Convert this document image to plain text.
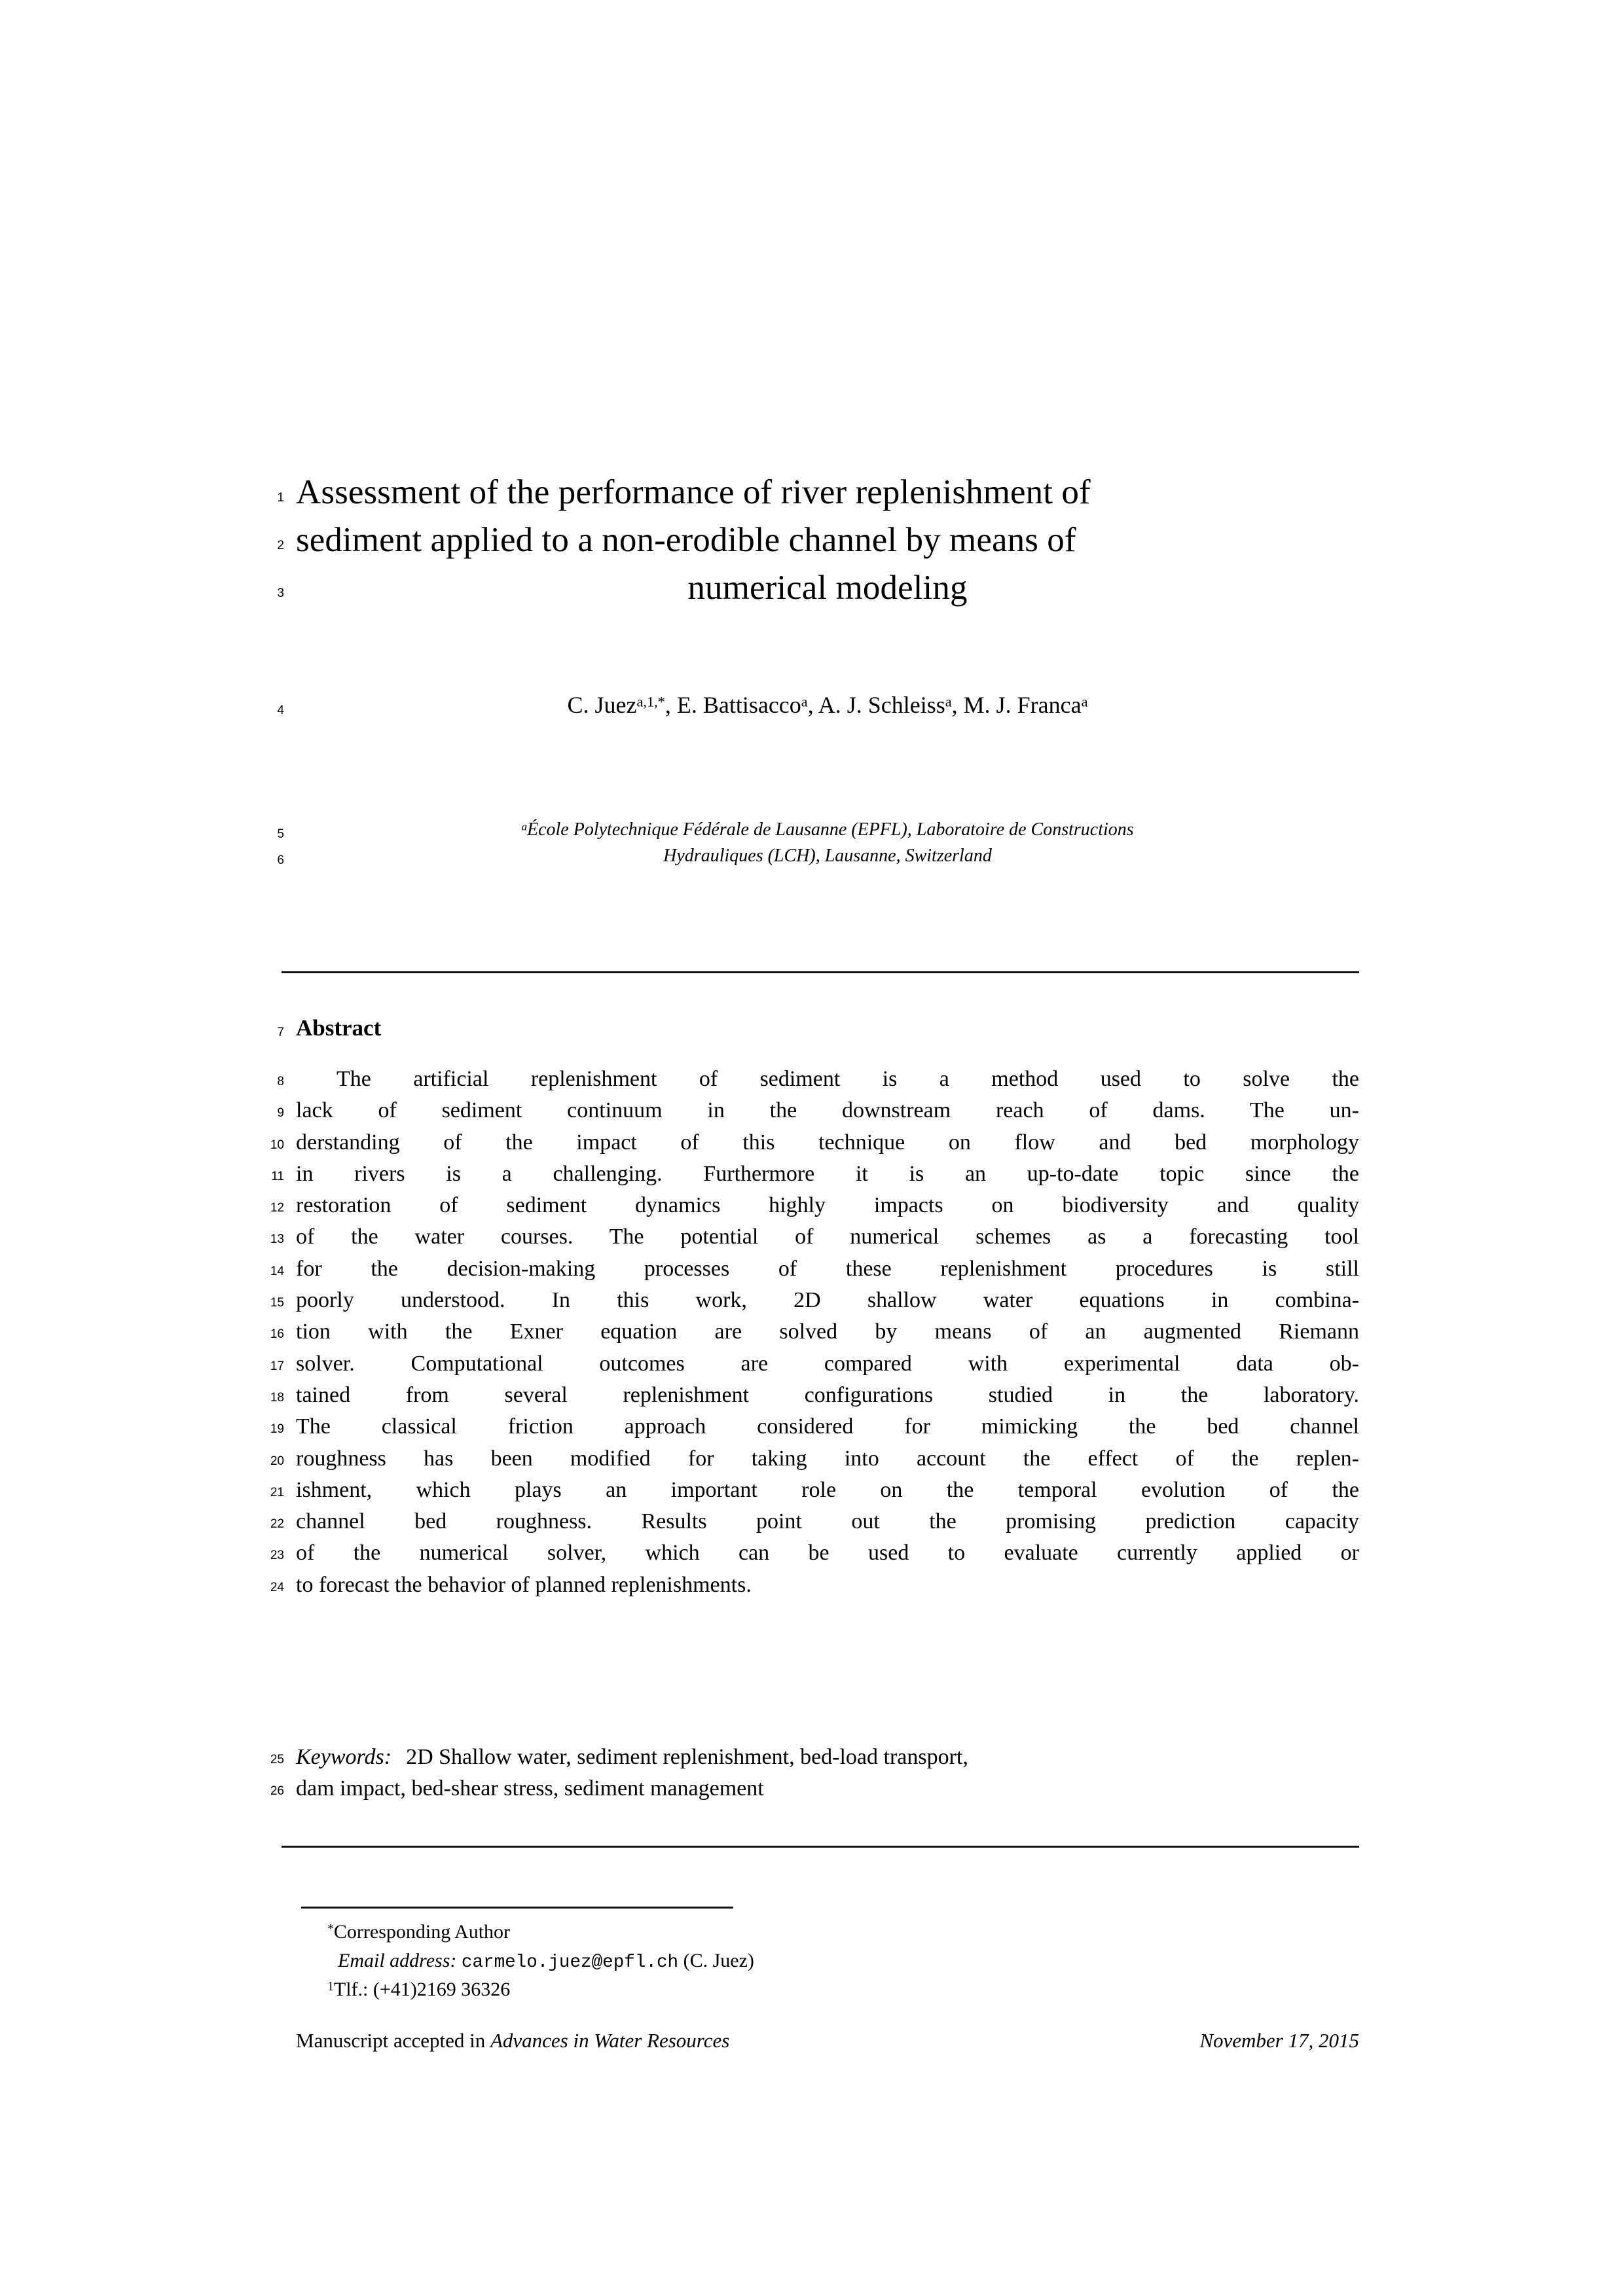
1 Assessment of the performance of river replenishment of
2 sediment applied to a non-erodible channel by means of
3	numerical modeling
4	C. Juez$^{a,1,*}$, E. Battisacco$^a$, A. J. Schleiss$^a$, M. J. Franca$^a$
5
$^a$École Polytechnique Fédérale de Lausanne (EPFL), Laboratoire de Constructions
6	Hydrauliques (LCH), Lausanne, Switzerland
7 Abstract
8	The artificial replenishment of sediment is a method used to solve the
9 lack of sediment continuum in the downstream reach of dams. The un-
10 derstanding of the impact of this technique on flow and bed morphology
11 in rivers is a challenging. Furthermore it is an up-to-date topic since the
12 restoration of sediment dynamics highly impacts on biodiversity and quality
13 of the water courses. The potential of numerical schemes as a forecasting tool
14 for the decision-making processes of these replenishment procedures is still
15 poorly understood. In this work, 2D shallow water equations in combina-
16 tion with the Exner equation are solved by means of an augmented Riemann
17 solver. Computational outcomes are compared with experimental data ob-
18 tained from several replenishment configurations studied in the laboratory.
19 The classical friction approach considered for mimicking the bed channel
20 roughness has been modified for taking into account the effect of the replen-
21 ishment, which plays an important role on the temporal evolution of the
22 channel bed roughness. Results point out the promising prediction capacity
23 of the numerical solver, which can be used to evaluate currently applied or
24 to forecast the behavior of planned replenishments.
25 Keywords: 2D Shallow water, sediment replenishment, bed-load transport,
26 dam impact, bed-shear stress, sediment management
*Corresponding Author
Email address: carmelo.juez@epfl.ch (C. Juez)
$^1$Tlf.: (+41)2169 36326
Manuscript accepted in Advances in Water Resources	November 17, 2015
